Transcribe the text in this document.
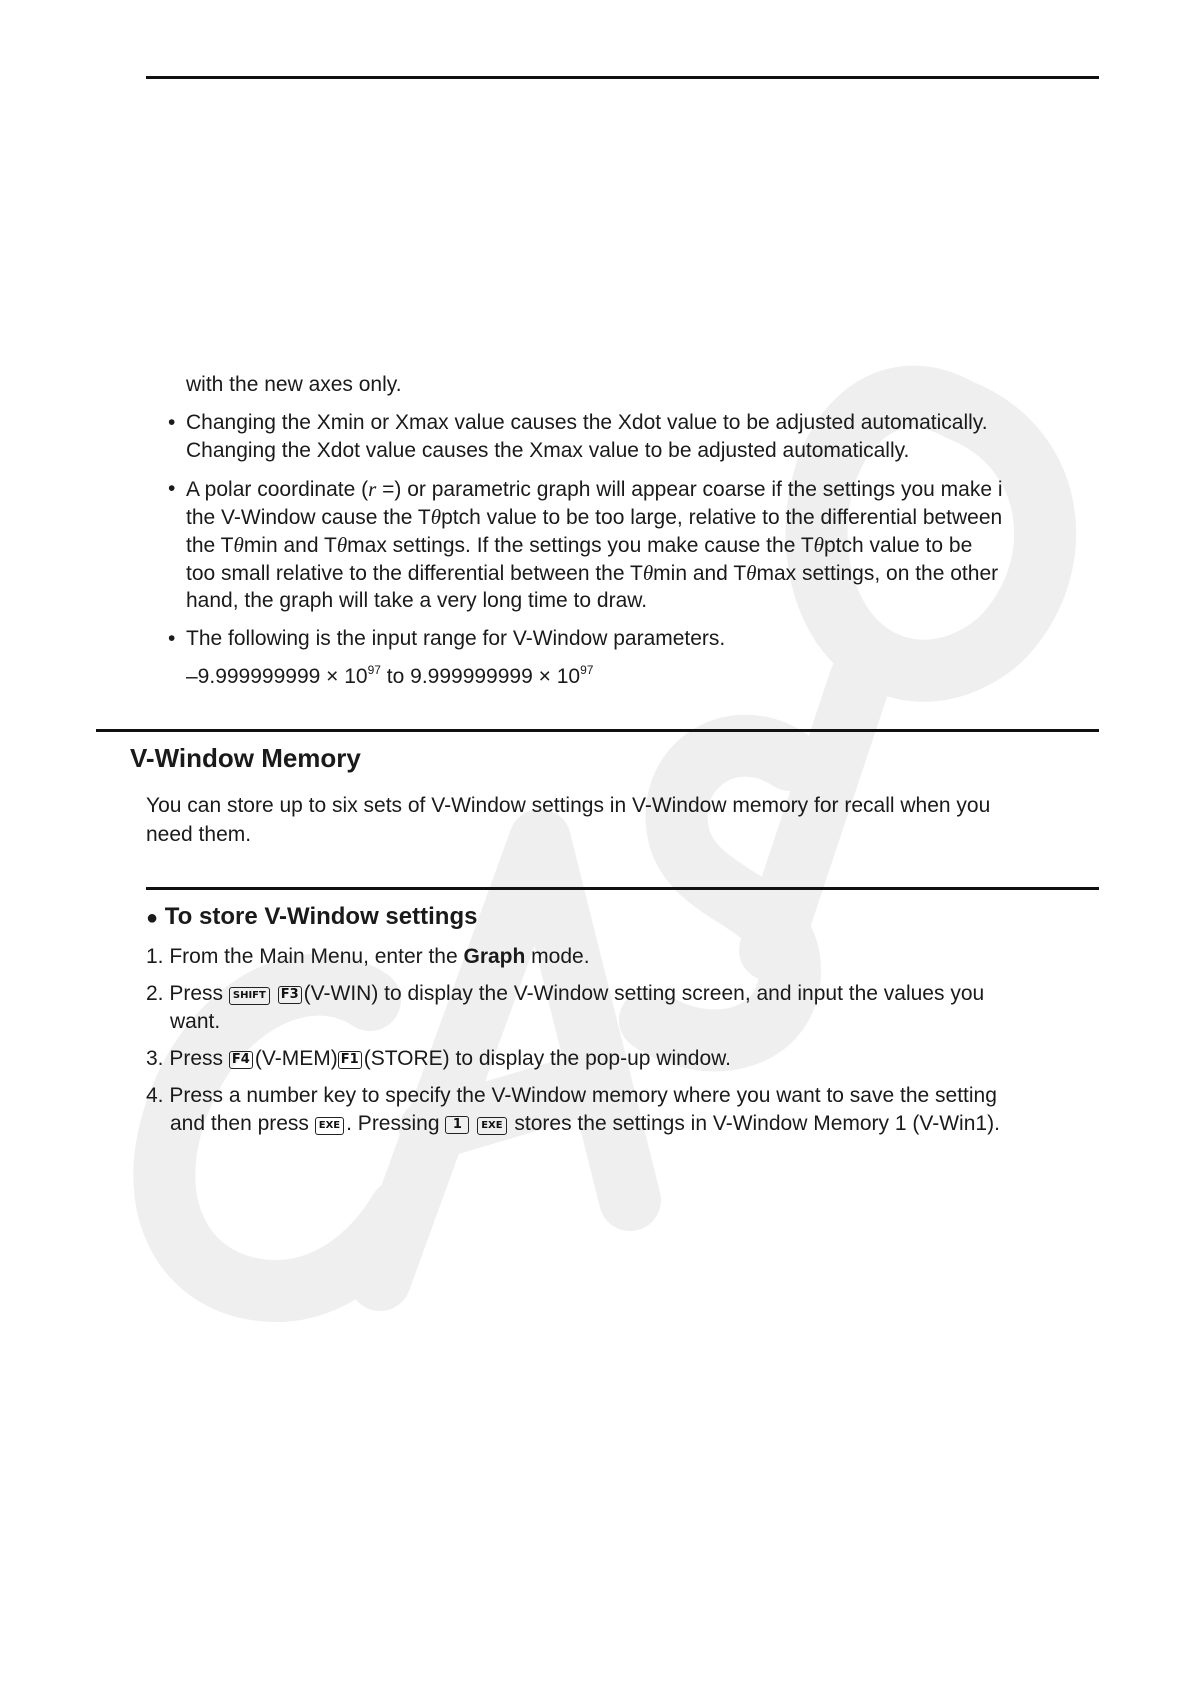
with the new axes only.
• Changing the Xmin or Xmax value causes the Xdot value to be adjusted automatically.
Changing the Xdot value causes the Xmax value to be adjusted automatically.
• A polar coordinate (r =) or parametric graph will appear coarse if the settings you make i
the V-Window cause the Tθptch value to be too large, relative to the differential between
the Tθmin and Tθmax settings. If the settings you make cause the Tθptch value to be
too small relative to the differential between the Tθmin and Tθmax settings, on the other
hand, the graph will take a very long time to draw.
• The following is the input range for V-Window parameters.
$-9.999999999 \times 10^{97}$ to $9.999999999 \times 10^{97}$
V-Window Memory
You can store up to six sets of V-Window settings in V-Window memory for recall when you
need them.
● To store V-Window settings
1. From the Main Menu, enter the Graph mode.
2. Press SHIFT F3 (V-WIN) to display the V-Window setting screen, and input the values you
want.
3. Press F4 (V-MEM) F1 (STORE) to display the pop-up window.
4. Press a number key to specify the V-Window memory where you want to save the setting
and then press EXE . Pressing 1 EXE stores the settings in V-Window Memory 1 (V-Win1).
